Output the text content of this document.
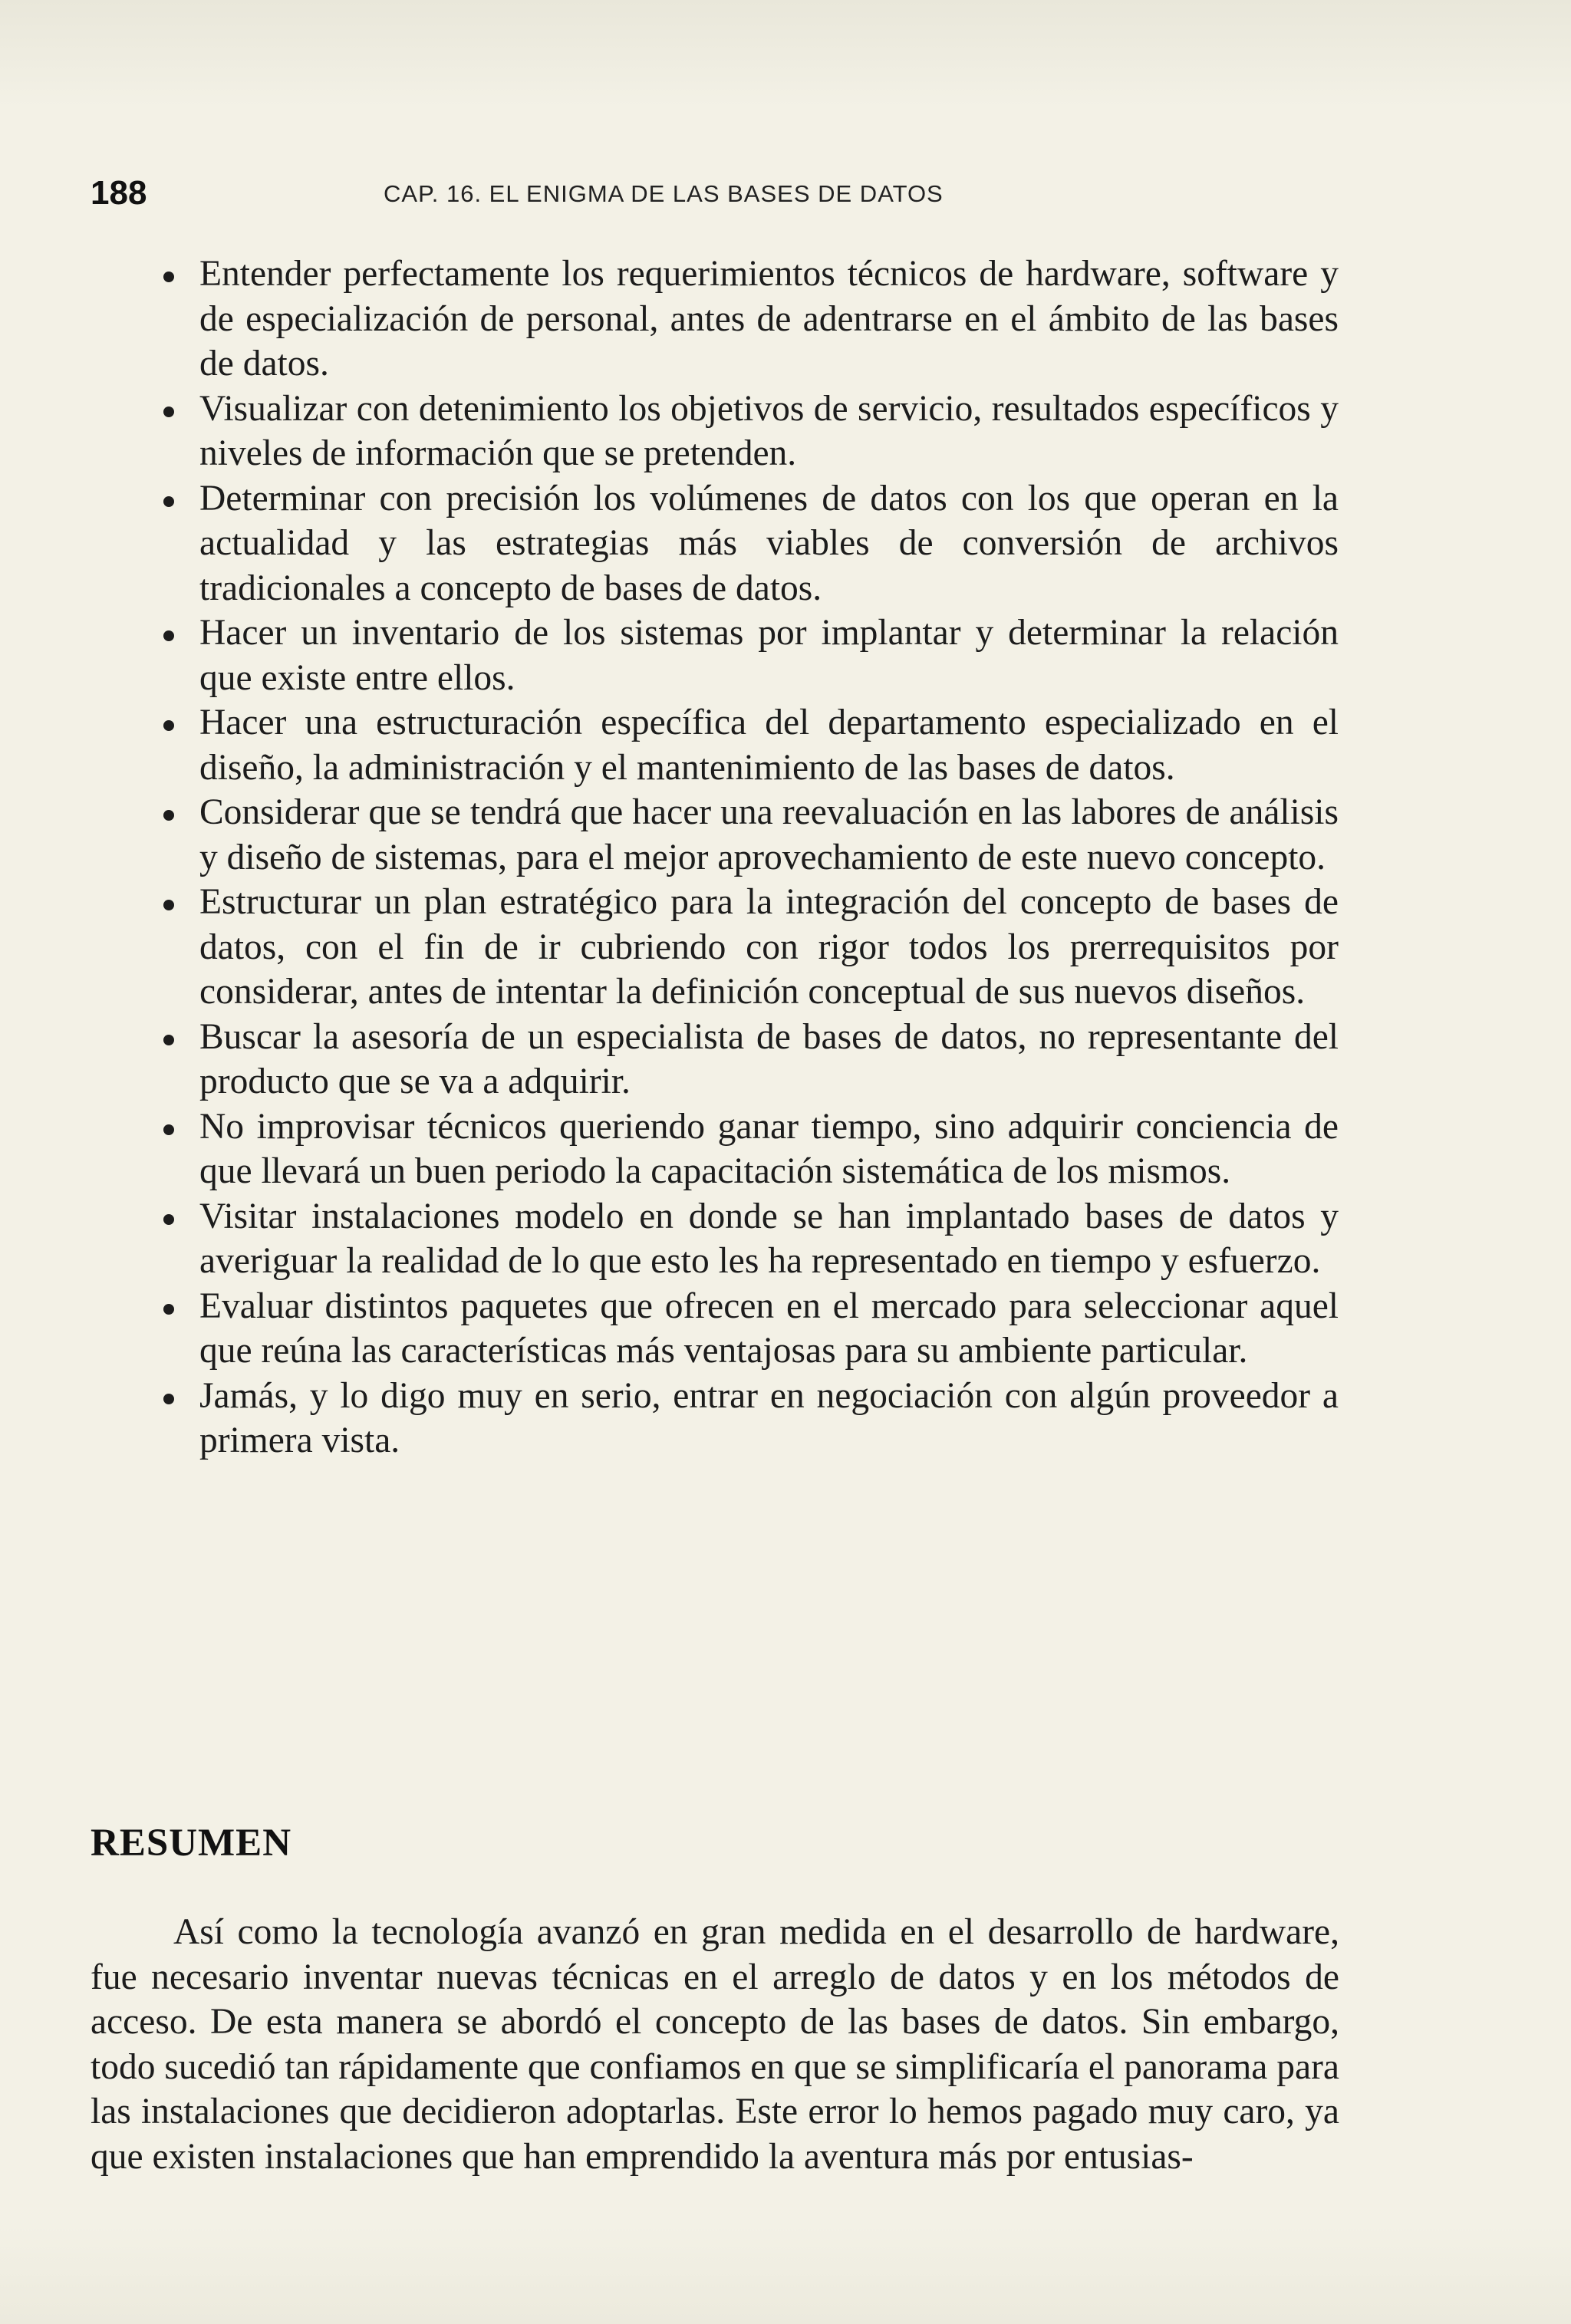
188	CAP. 16. EL ENIGMA DE LAS BASES DE DATOS
Entender perfectamente los requerimientos técnicos de hardware, software y de especialización de personal, antes de adentrarse en el ámbito de las bases de datos.
Visualizar con detenimiento los objetivos de servicio, resultados específicos y niveles de información que se pretenden.
Determinar con precisión los volúmenes de datos con los que operan en la actualidad y las estrategias más viables de conversión de archivos tradicionales a concepto de bases de datos.
Hacer un inventario de los sistemas por implantar y determinar la relación que existe entre ellos.
Hacer una estructuración específica del departamento especializado en el diseño, la administración y el mantenimiento de las bases de datos.
Considerar que se tendrá que hacer una reevaluación en las labores de análisis y diseño de sistemas, para el mejor aprovechamiento de este nuevo concepto.
Estructurar un plan estratégico para la integración del concepto de bases de datos, con el fin de ir cubriendo con rigor todos los prerrequisitos por considerar, antes de intentar la definición conceptual de sus nuevos diseños.
Buscar la asesoría de un especialista de bases de datos, no representante del producto que se va a adquirir.
No improvisar técnicos queriendo ganar tiempo, sino adquirir conciencia de que llevará un buen periodo la capacitación sistemática de los mismos.
Visitar instalaciones modelo en donde se han implantado bases de datos y averiguar la realidad de lo que esto les ha representado en tiempo y esfuerzo.
Evaluar distintos paquetes que ofrecen en el mercado para seleccionar aquel que reúna las características más ventajosas para su ambiente particular.
Jamás, y lo digo muy en serio, entrar en negociación con algún proveedor a primera vista.
RESUMEN

Así como la tecnología avanzó en gran medida en el desarrollo de hardware, fue necesario inventar nuevas técnicas en el arreglo de datos y en los métodos de acceso. De esta manera se abordó el concepto de las bases de datos. Sin embargo, todo sucedió tan rápidamente que confiamos en que se simplificaría el panorama para las instalaciones que decidieron adoptarlas. Este error lo hemos pagado muy caro, ya que existen instalaciones que han emprendido la aventura más por entusias-
